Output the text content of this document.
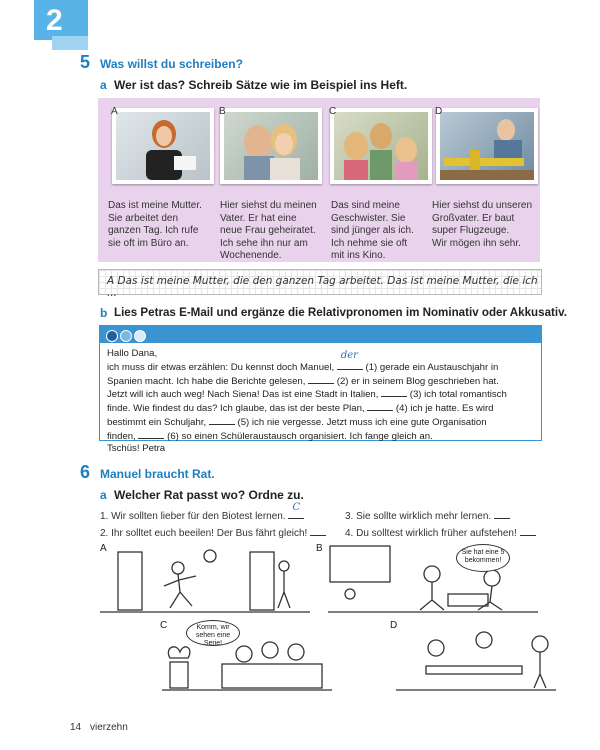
2
5 Was willst du schreiben?
a Wer ist das? Schreib Sätze wie im Beispiel ins Heft.
A	B	C	D
Das ist meine Mutter.
Sie arbeitet den
ganzen Tag. Ich rufe
sie oft im Büro an.
Hier siehst du meinen
Vater. Er hat eine
neue Frau geheiratet.
Ich sehe ihn nur am
Wochenende.
Das sind meine
Geschwister. Sie
sind jünger als ich.
Ich nehme sie oft
mit ins Kino.
Hier siehst du unseren
Großvater. Er baut
super Flugzeuge.
Wir mögen ihn sehr.
A Das ist meine Mutter, die den ganzen Tag arbeitet. Das ist meine Mutter, die ich ...
b Lies Petras E-Mail und ergänze die Relativpronomen im Nominativ oder Akkusativ.
Hallo Dana,
ich muss dir etwas erzählen: Du kennst doch Manuel,
der
(1) gerade ein Austauschjahr in
Spanien macht. Ich habe die Berichte gelesen,	(2) er in seinem Blog geschrieben hat.
Jetzt will ich auch weg! Nach Siena! Das ist eine Stadt in Italien,	(3) ich total romantisch
finde. Wie findest du das? Ich glaube, das ist der beste Plan,	(4) ich je hatte. Es wird
bestimmt ein Schuljahr,	(5) ich nie vergesse. Jetzt muss ich eine gute Organisation
finden,	(6) so einen Schüleraustausch organisiert. Ich fange gleich an.
Tschüs! Petra
6 Manuel braucht Rat.
a Welcher Rat passt wo? Ordne zu.
1. Wir sollten lieber für den Biotest lernen.
C
2. Ihr solltet euch beeilen! Der Bus fährt gleich!
3. Sie sollte wirklich mehr lernen.
4. Du solltest wirklich früher aufstehen!
A	B	Sie hat eine 5 bekommen!
C	Komm, wir sehen eine Serie!
D
14 vierzehn
